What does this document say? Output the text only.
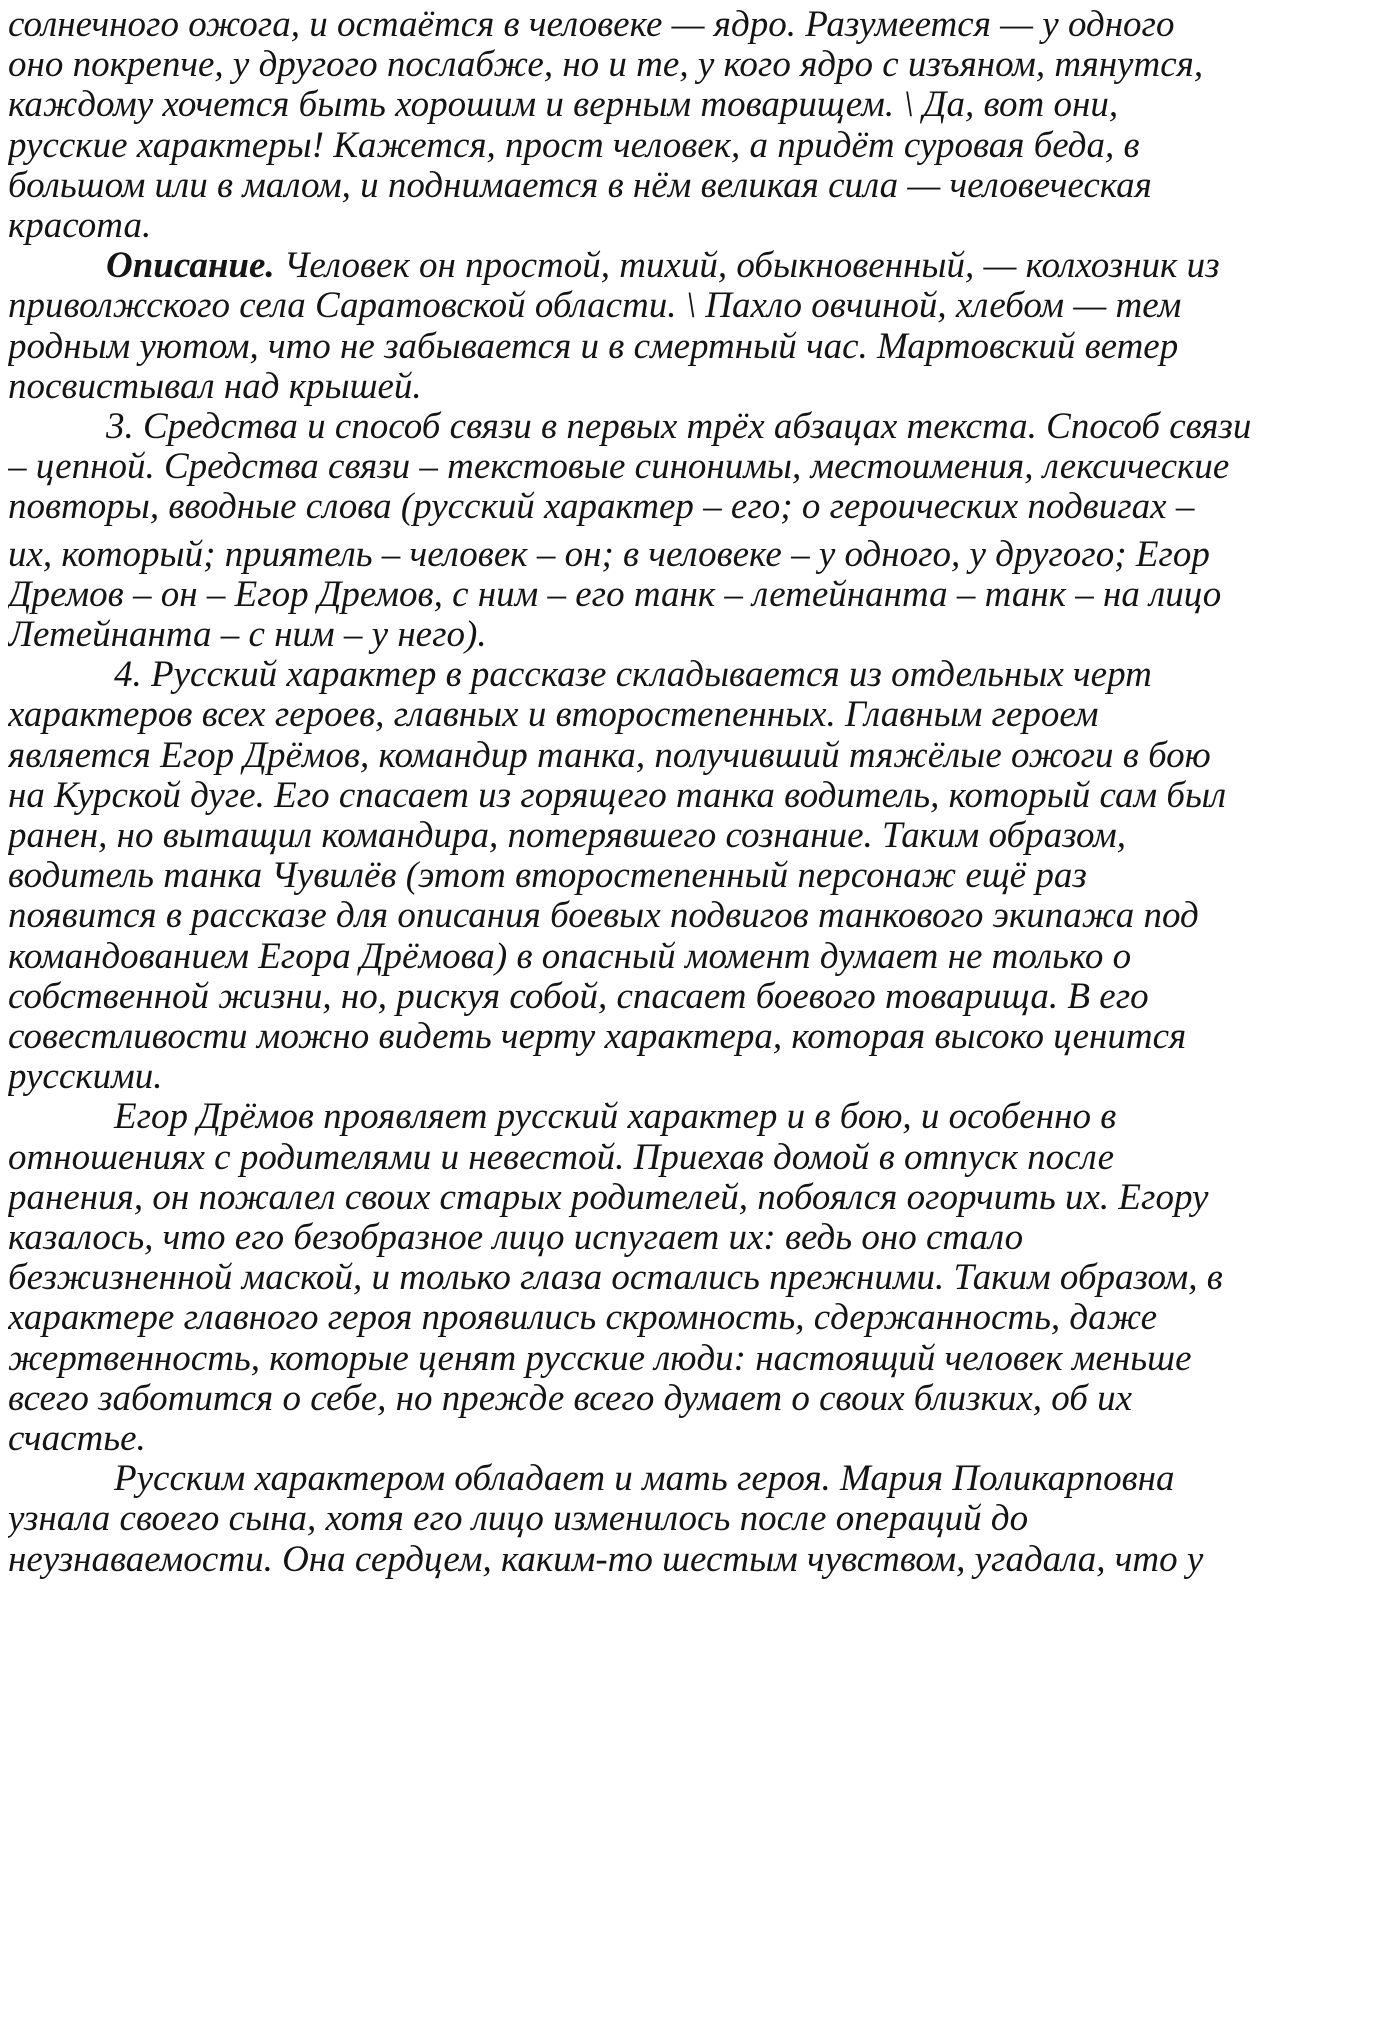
солнечного ожога, и остаётся в человеке — ядро. Разумеется — у одного
оно покрепче, у другого послабже, но и те, у кого ядро с изъяном, тянутся,
каждому хочется быть хорошим и верным товарищем. \ Да, вот они,
русские характеры! Кажется, прост человек, а придёт суровая беда, в
большом или в малом, и поднимается в нём великая сила — человеческая
красота.
Описание. Человек он простой, тихий, обыкновенный, — колхозник из
приволжского села Саратовской области. \ Пахло овчиной, хлебом — тем
родным уютом, что не забывается и в смертный час. Мартовский ветер
посвистывал над крышей.
3. Средства и способ связи в первых трёх абзацах текста. Способ связи
– цепной. Средства связи – текстовые синонимы, местоимения, лексические
повторы, вводные слова (русский характер – его; о героических подвигах –
их, который; приятель – человек – он; в человеке – у одного, у другого; Егор
Дремов – он – Егор Дремов, с ним – его танк – летейнанта – танк – на лицо
Летейнанта – с ним – у него).
4. Русский характер в рассказе складывается из отдельных черт
характеров всех героев, главных и второстепенных. Главным героем
является Егор Дрёмов, командир танка, получивший тяжёлые ожоги в бою
на Курской дуге. Его спасает из горящего танка водитель, который сам был
ранен, но вытащил командира, потерявшего сознание. Таким образом,
водитель танка Чувилёв (этот второстепенный персонаж ещё раз
появится в рассказе для описания боевых подвигов танкового экипажа под
командованием Егора Дрёмова) в опасный момент думает не только о
собственной жизни, но, рискуя собой, спасает боевого товарища. В его
совестливости можно видеть черту характера, которая высоко ценится
русскими.
Егор Дрёмов проявляет русский характер и в бою, и особенно в
отношениях с родителями и невестой. Приехав домой в отпуск после
ранения, он пожалел своих старых родителей, побоялся огорчить их. Егору
казалось, что его безобразное лицо испугает их: ведь оно стало
безжизненной маской, и только глаза остались прежними. Таким образом, в
характере главного героя проявились скромность, сдержанность, даже
жертвенность, которые ценят русские люди: настоящий человек меньше
всего заботится о себе, но прежде всего думает о своих близких, об их
счастье.
Русским характером обладает и мать героя. Мария Поликарповна
узнала своего сына, хотя его лицо изменилось после операций до
неузнаваемости. Она сердцем, каким-то шестым чувством, угадала, что у
